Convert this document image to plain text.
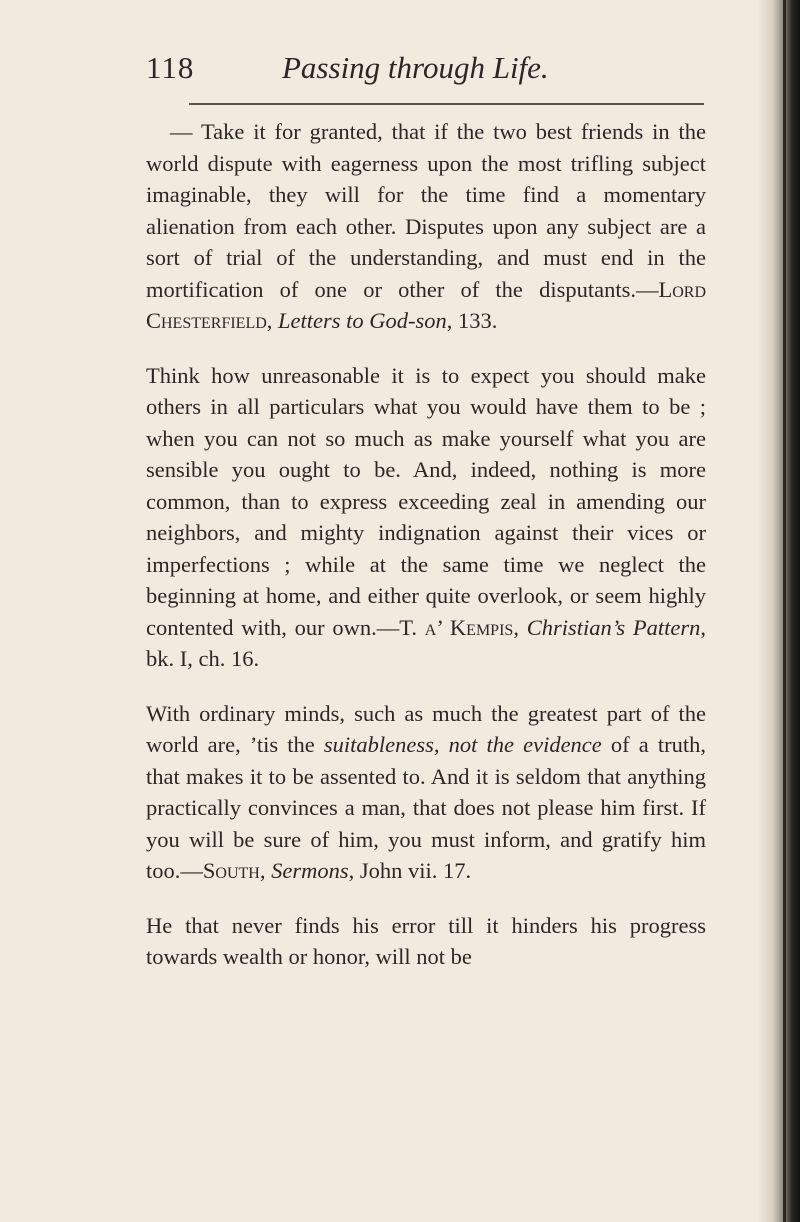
118	Passing through Life.

— Take it for granted, that if the two best friends in the world dispute with eagerness upon the most trifling subject imaginable, they will for the time find a momentary alienation from each other. Disputes upon any subject are a sort of trial of the understanding, and must end in the mortification of one or other of the disputants.—Lord Chesterfield, Letters to God-son, 133.

Think how unreasonable it is to expect you should make others in all particulars what you would have them to be ; when you can not so much as make yourself what you are sensible you ought to be. And, indeed, nothing is more common, than to express exceeding zeal in amending our neighbors, and mighty indignation against their vices or imperfections ; while at the same time we neglect the beginning at home, and either quite overlook, or seem highly contented with, our own.—T. a’ Kempis, Christian’s Pattern, bk. I, ch. 16.

With ordinary minds, such as much the greatest part of the world are, ’tis the suitableness, not the evidence of a truth, that makes it to be assented to. And it is seldom that anything practically convinces a man, that does not please him first. If you will be sure of him, you must inform, and gratify him too.—South, Sermons, John vii. 17.

He that never finds his error till it hinders his progress towards wealth or honor, will not be
